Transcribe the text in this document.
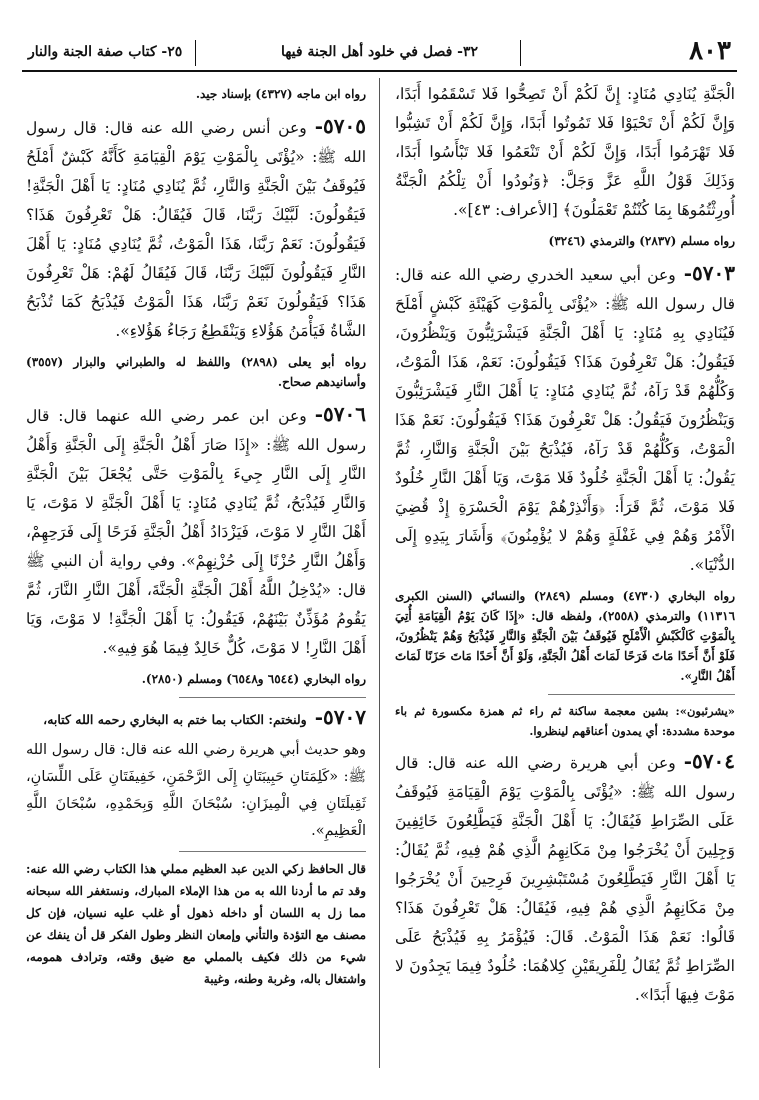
٨٠٣
٣٢- فصل في خلود أهل الجنة فيها
٢٥- كتاب صفة الجنة والنار

الْجَنَّةِ يُنَادِي مُنَادٍ: إِنَّ لَكُمْ أَنْ تَصِحُّوا فَلا تَسْقَمُوا أَبَدًا، وَإِنَّ لَكُمْ أَنْ تَحْيَوْا فَلا تَمُوتُوا أَبَدًا، وَإِنَّ لَكُمْ أَنْ تَشِبُّوا فَلا تَهْرَمُوا أَبَدًا، وَإِنَّ لَكُمْ أَنْ تَنْعَمُوا فَلا تَبْأَسُوا أَبَدًا، وَذَلِكَ قَوْلُ اللَّهِ عَزَّ وَجَلَّ: ﴿وَنُودُوا أَنْ تِلْكُمُ الْجَنَّةُ أُورِثْتُمُوهَا بِمَا كُنْتُمْ تَعْمَلُونَ﴾ [الأعراف: ٤٣]».

رواه مسلم (٢٨٣٧) والترمذي (٣٢٤٦)

٥٧٠٣-وعن أبي سعيد الخدري رضي الله عنه قال: قال رسول الله ﷺ: «يُؤْتَى بِالْمَوْتِ كَهَيْئَةِ كَبْشٍ أَمْلَحَ فَيُنَادِي بِهِ مُنَادٍ: يَا أَهْلَ الْجَنَّةِ فَيَشْرَئِبُّونَ وَيَنْظُرُونَ، فَيَقُولُ: هَلْ تَعْرِفُونَ هَذَا؟ فَيَقُولُونَ: نَعَمْ، هَذَا الْمَوْتُ، وَكُلُّهُمْ قَدْ رَآهُ، ثُمَّ يُنَادِي مُنَادٍ: يَا أَهْلَ النَّارِ فَيَشْرَئِبُّونَ وَيَنْظُرُونَ فَيَقُولُ: هَلْ تَعْرِفُونَ هَذَا؟ فَيَقُولُونَ: نَعَمْ هَذَا الْمَوْتُ، وَكُلُّهُمْ قَدْ رَآهُ، فَيُذْبَحُ بَيْنَ الْجَنَّةِ وَالنَّارِ، ثُمَّ يَقُولُ: يَا أَهْلَ الْجَنَّةِ خُلُودٌ فَلا مَوْتَ، وَيَا أَهْلَ النَّارِ خُلُودٌ فَلا مَوْتَ، ثُمَّ قَرَأَ: ﴿وَأَنْذِرْهُمْ يَوْمَ الْحَسْرَةِ إِذْ قُضِيَ الْأَمْرُ وَهُمْ فِي غَفْلَةٍ وَهُمْ لا يُؤْمِنُونَ﴾ وَأَشَارَ بِيَدِهِ إِلَى الدُّنْيَا».

رواه البخاري (٤٧٣٠) ومسلم (٢٨٤٩) والنسائي (السنن الكبرى ١١٣١٦) والترمذي (٢٥٥٨)، ولفظه قال: «إِذَا كَانَ يَوْمُ الْقِيَامَةِ أُتِيَ بِالْمَوْتِ كَالْكَبْشِ الْأَمْلَحِ فَيُوقَفُ بَيْنَ الْجَنَّةِ وَالنَّارِ فَيُذْبَحُ وَهُمْ يَنْظُرُونَ، فَلَوْ أَنَّ أَحَدًا مَاتَ فَرَحًا لَمَاتَ أَهْلُ الْجَنَّةِ، وَلَوْ أَنَّ أَحَدًا مَاتَ حَزَنًا لَمَاتَ أَهْلُ النَّارِ».
«يشرئبون»: بشين معجمة ساكنة ثم راء ثم همزة مكسورة ثم باء موحدة مشددة: أي يمدون أعناقهم لينظروا.

٥٧٠٤-وعن أبي هريرة رضي الله عنه قال: قال رسول الله ﷺ: «يُؤْتَى بِالْمَوْتِ يَوْمَ الْقِيَامَةِ فَيُوقَفُ عَلَى الصِّرَاطِ فَيُقَالُ: يَا أَهْلَ الْجَنَّةِ فَيَطَّلِعُونَ خَائِفِينَ وَجِلِينَ أَنْ يُخْرَجُوا مِنْ مَكَانِهِمُ الَّذِي هُمْ فِيهِ، ثُمَّ يُقَالُ: يَا أَهْلَ النَّارِ فَيَطَّلِعُونَ مُسْتَبْشِرِينَ فَرِحِينَ أَنْ يُخْرَجُوا مِنْ مَكَانِهِمُ الَّذِي هُمْ فِيهِ، فَيُقَالُ: هَلْ تَعْرِفُونَ هَذَا؟ قَالُوا: نَعَمْ هَذَا الْمَوْتُ. قَالَ: فَيُؤْمَرُ بِهِ فَيُذْبَحُ عَلَى الصِّرَاطِ ثُمَّ يُقَالُ لِلْفَرِيقَيْنِ كِلاهُمَا: خُلُودٌ فِيمَا يَجِدُونَ لا مَوْتَ فِيهَا أَبَدًا».

رواه ابن ماجه (٤٣٢٧) بإسناد جيد.

٥٧٠٥-وعن أنس رضي الله عنه قال: قال رسول الله ﷺ: «يُؤْتَى بِالْمَوْتِ يَوْمَ الْقِيَامَةِ كَأَنَّهُ كَبْشٌ أَمْلَحُ فَيُوقَفُ بَيْنَ الْجَنَّةِ وَالنَّارِ، ثُمَّ يُنَادِي مُنَادٍ: يَا أَهْلَ الْجَنَّةِ! فَيَقُولُونَ: لَبَّيْكَ رَبَّنَا، قَالَ فَيُقَالُ: هَلْ تَعْرِفُونَ هَذَا؟ فَيَقُولُونَ: نَعَمْ رَبَّنَا، هَذَا الْمَوْتُ، ثُمَّ يُنَادِي مُنَادٍ: يَا أَهْلَ النَّارِ فَيَقُولُونَ لَبَّيْكَ رَبَّنَا، قَالَ فَيُقَالُ لَهُمْ: هَلْ تَعْرِفُونَ هَذَا؟ فَيَقُولُونَ نَعَمْ رَبَّنَا، هَذَا الْمَوْتُ فَيُذْبَحُ كَمَا تُذْبَحُ الشَّاةُ فَيَأْمَنُ هَؤُلاءِ وَيَنْقَطِعُ رَجَاءُ هَؤُلاءِ».

رواه أبو يعلى (٢٨٩٨) واللفظ له والطبراني والبزار (٣٥٥٧) وأسانيدهم صحاح.

٥٧٠٦-وعن ابن عمر رضي الله عنهما قال: قال رسول الله ﷺ: «إِذَا صَارَ أَهْلُ الْجَنَّةِ إِلَى الْجَنَّةِ وَأَهْلُ النَّارِ إِلَى النَّارِ جِيءَ بِالْمَوْتِ حَتَّى يُجْعَلَ بَيْنَ الْجَنَّةِ وَالنَّارِ فَيُذْبَحُ، ثُمَّ يُنَادِي مُنَادٍ: يَا أَهْلَ الْجَنَّةِ لا مَوْتَ، يَا أَهْلَ النَّارِ لا مَوْتَ، فَيَزْدَادُ أَهْلُ الْجَنَّةِ فَرَحًا إِلَى فَرَحِهِمْ، وَأَهْلُ النَّارِ حُزْنًا إِلَى حُزْنِهِمْ». وفي رواية أن النبي ﷺ قال: «يُدْخِلُ اللَّهُ أَهْلَ الْجَنَّةِ الْجَنَّةَ، أَهْلَ النَّارِ النَّارَ، ثُمَّ يَقُومُ مُؤَذِّنٌ بَيْنَهُمْ، فَيَقُولُ: يَا أَهْلَ الْجَنَّةِ! لا مَوْتَ، وَيَا أَهْلَ النَّارِ! لا مَوْتَ، كُلٌّ خَالِدٌ فِيمَا هُوَ فِيهِ».

رواه البخاري (٦٥٤٤ و٦٥٤٨) ومسلم (٢٨٥٠).
٥٧٠٧-ولنختم: الكتاب بما ختم به البخاري رحمه الله كتابه،

وهو حديث أبي هريرة رضي الله عنه قال: قال رسول الله ﷺ: «كَلِمَتَانِ حَبِيبَتَانِ إِلَى الرَّحْمَنِ، خَفِيفَتَانِ عَلَى اللِّسَانِ، ثَقِيلَتَانِ فِي الْمِيزَانِ: سُبْحَانَ اللَّهِ وَبِحَمْدِهِ، سُبْحَانَ اللَّهِ الْعَظِيمِ».

قال الحافظ زكي الدين عبد العظيم مملي هذا الكتاب رضي الله عنه: وقد تم ما أردنا الله به من هذا الإملاء المبارك، ونستغفر الله سبحانه مما زل به اللسان أو داخله ذهول أو غلب عليه نسيان، فإن كل مصنف مع التؤدة والتأني وإمعان النظر وطول الفكر قل أن ينفك عن شيء من ذلك فكيف بالمملي مع ضيق وقته، وترادف همومه، واشتغال باله، وغربة وطنه، وغيبة
